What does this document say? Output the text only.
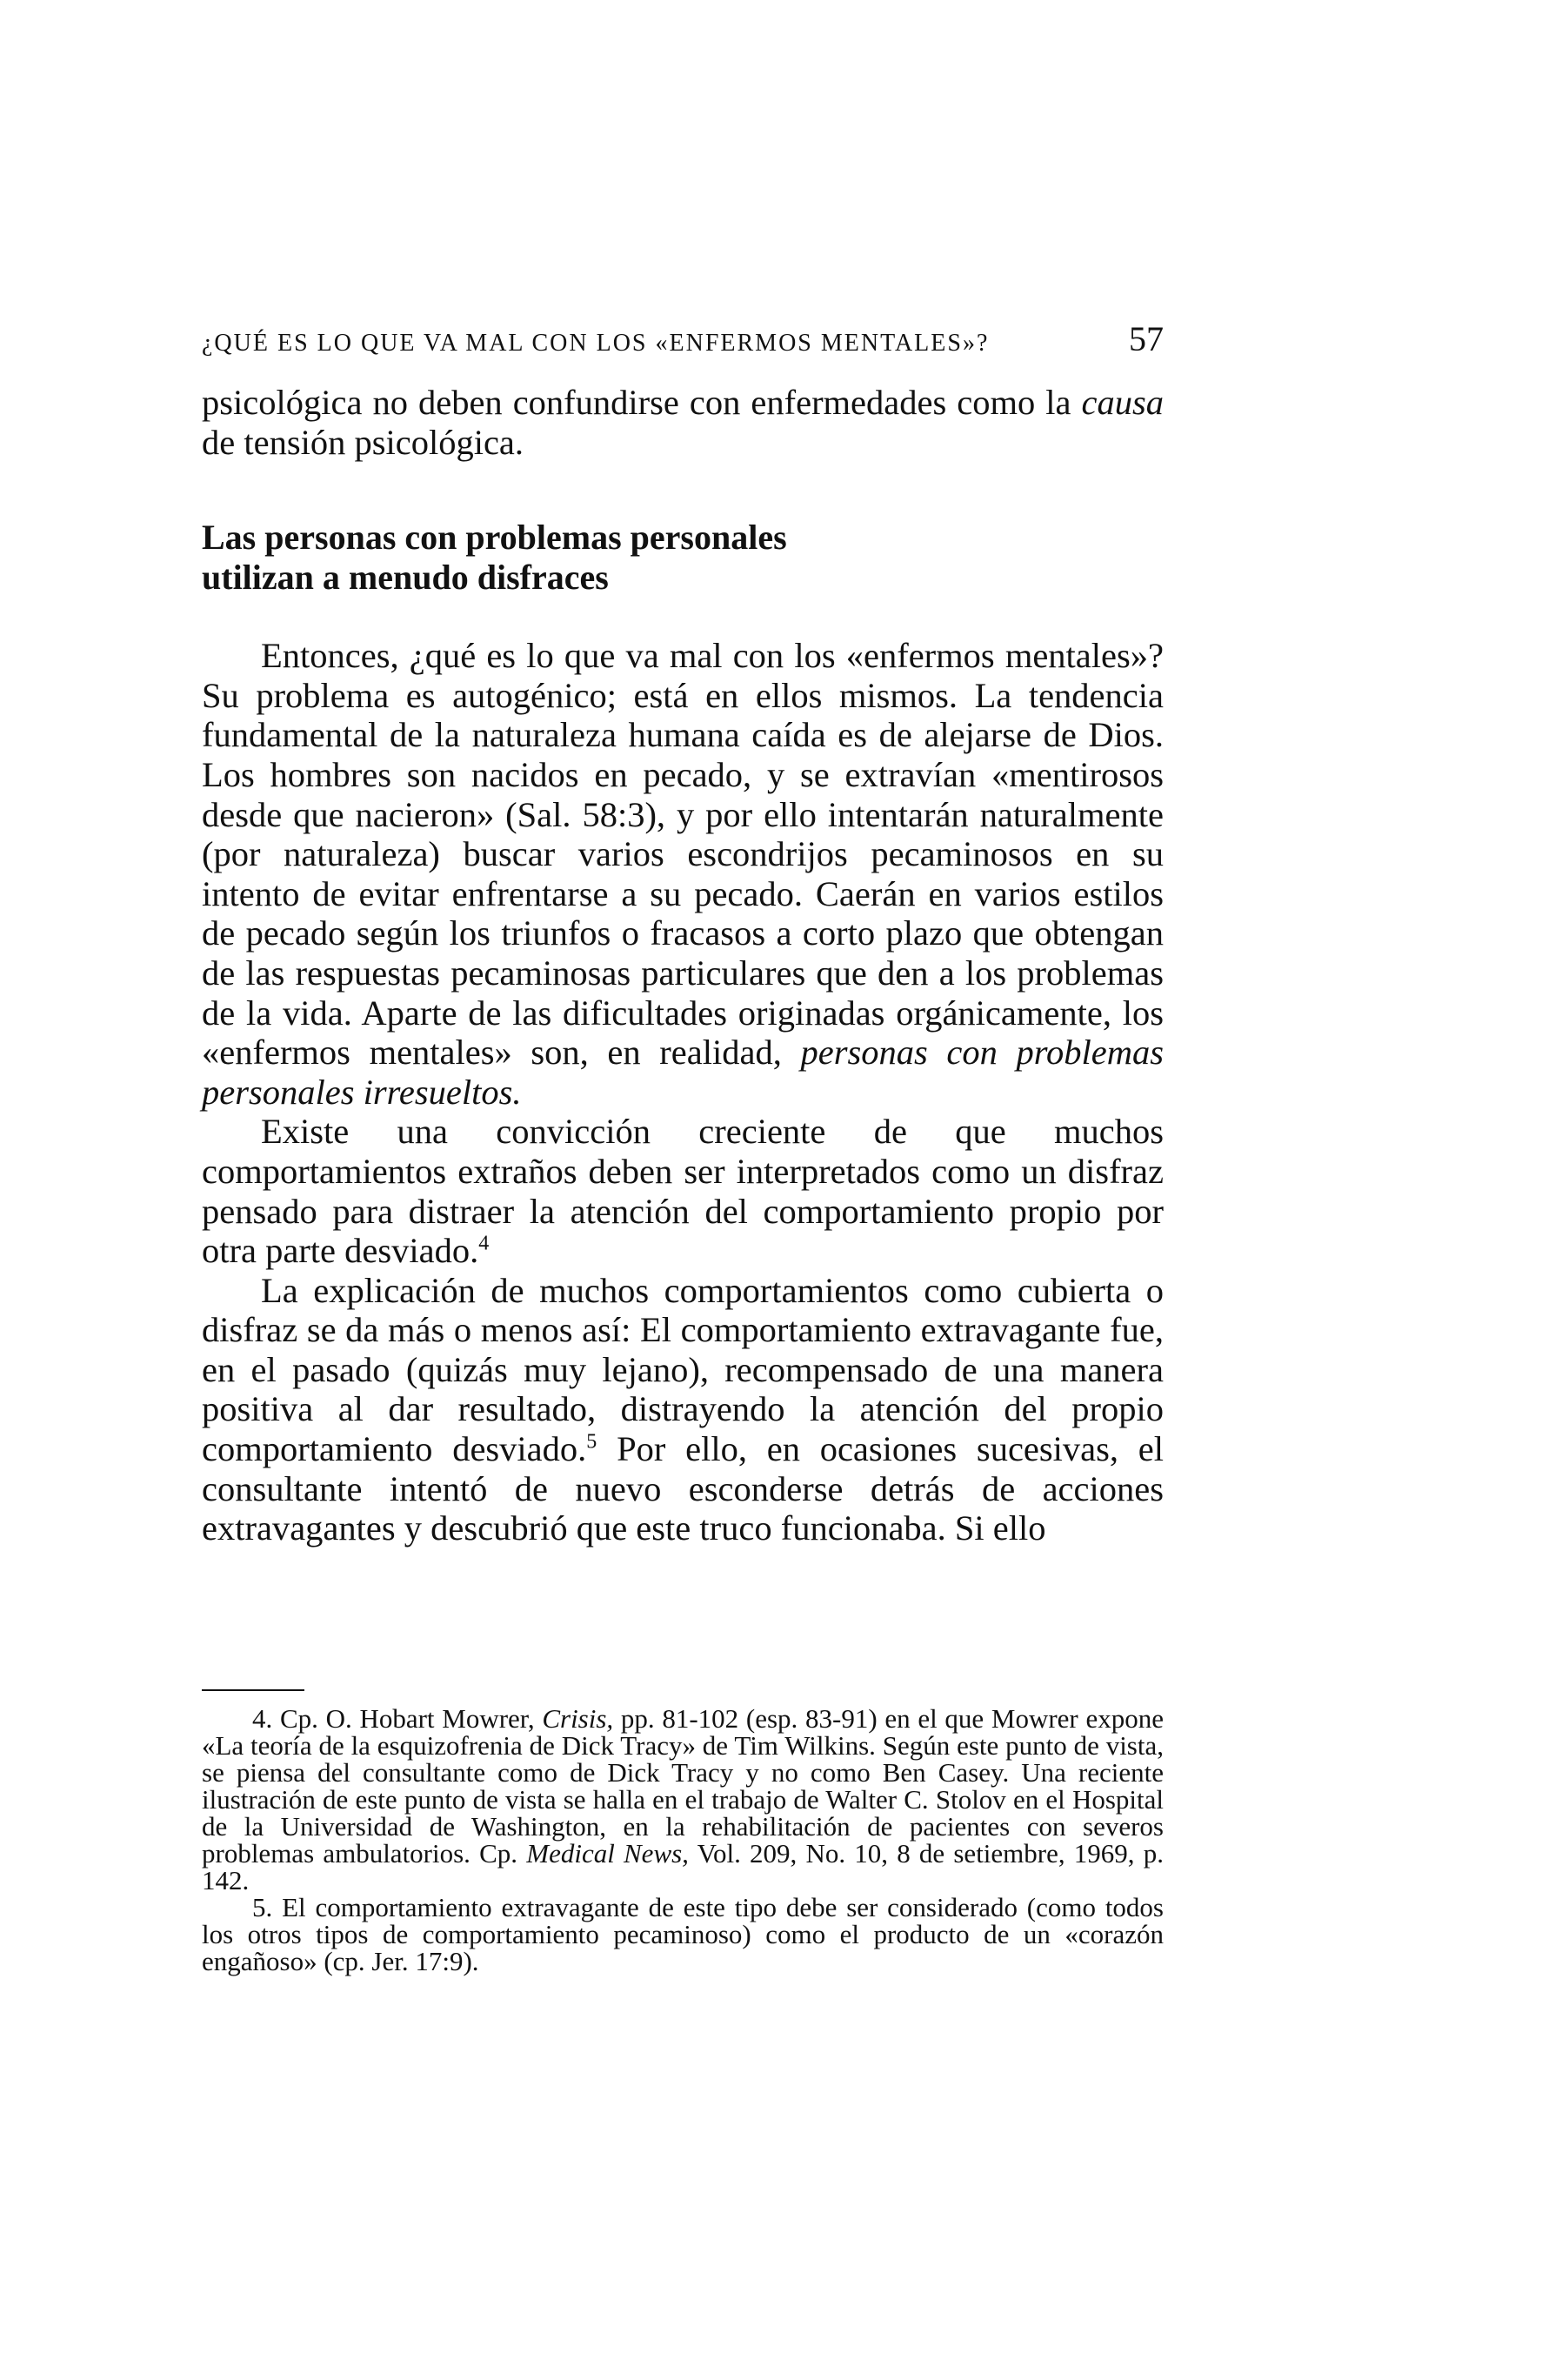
¿QUÉ ES LO QUE VA MAL CON LOS «ENFERMOS MENTALES»?	57

psicológica no deben confundirse con enfermedades como la causa de tensión psicológica.

Las personas con problemas personales utilizan a menudo disfraces

Entonces, ¿qué es lo que va mal con los «enfermos mentales»? Su problema es autogénico; está en ellos mismos. La tendencia fundamental de la naturaleza humana caída es de alejarse de Dios. Los hombres son nacidos en pecado, y se extravían «mentirosos desde que nacieron» (Sal. 58:3), y por ello intentarán naturalmente (por naturaleza) buscar varios escondrijos pecaminosos en su intento de evitar enfrentarse a su pecado. Caerán en varios estilos de pecado según los triunfos o fracasos a corto plazo que obtengan de las respuestas pecaminosas particulares que den a los problemas de la vida. Aparte de las dificultades originadas orgánicamente, los «enfermos mentales» son, en realidad, personas con problemas personales irresueltos.

Existe una convicción creciente de que muchos comportamientos extraños deben ser interpretados como un disfraz pensado para distraer la atención del comportamiento propio por otra parte desviado.$^4$

La explicación de muchos comportamientos como cubierta o disfraz se da más o menos así: El comportamiento extravagante fue, en el pasado (quizás muy lejano), recompensado de una manera positiva al dar resultado, distrayendo la atención del propio comportamiento desviado.$^5$ Por ello, en ocasiones sucesivas, el consultante intentó de nuevo esconderse detrás de acciones extravagantes y descubrió que este truco funcionaba. Si ello

4. Cp. O. Hobart Mowrer, Crisis, pp. 81-102 (esp. 83-91) en el que Mowrer expone «La teoría de la esquizofrenia de Dick Tracy» de Tim Wilkins. Según este punto de vista, se piensa del consultante como de Dick Tracy y no como Ben Casey. Una reciente ilustración de este punto de vista se halla en el trabajo de Walter C. Stolov en el Hospital de la Universidad de Washington, en la rehabilitación de pacientes con severos problemas ambulatorios. Cp. Medical News, Vol. 209, No. 10, 8 de setiembre, 1969, p. 142.

5. El comportamiento extravagante de este tipo debe ser considerado (como todos los otros tipos de comportamiento pecaminoso) como el producto de un «corazón engañoso» (cp. Jer. 17:9).
